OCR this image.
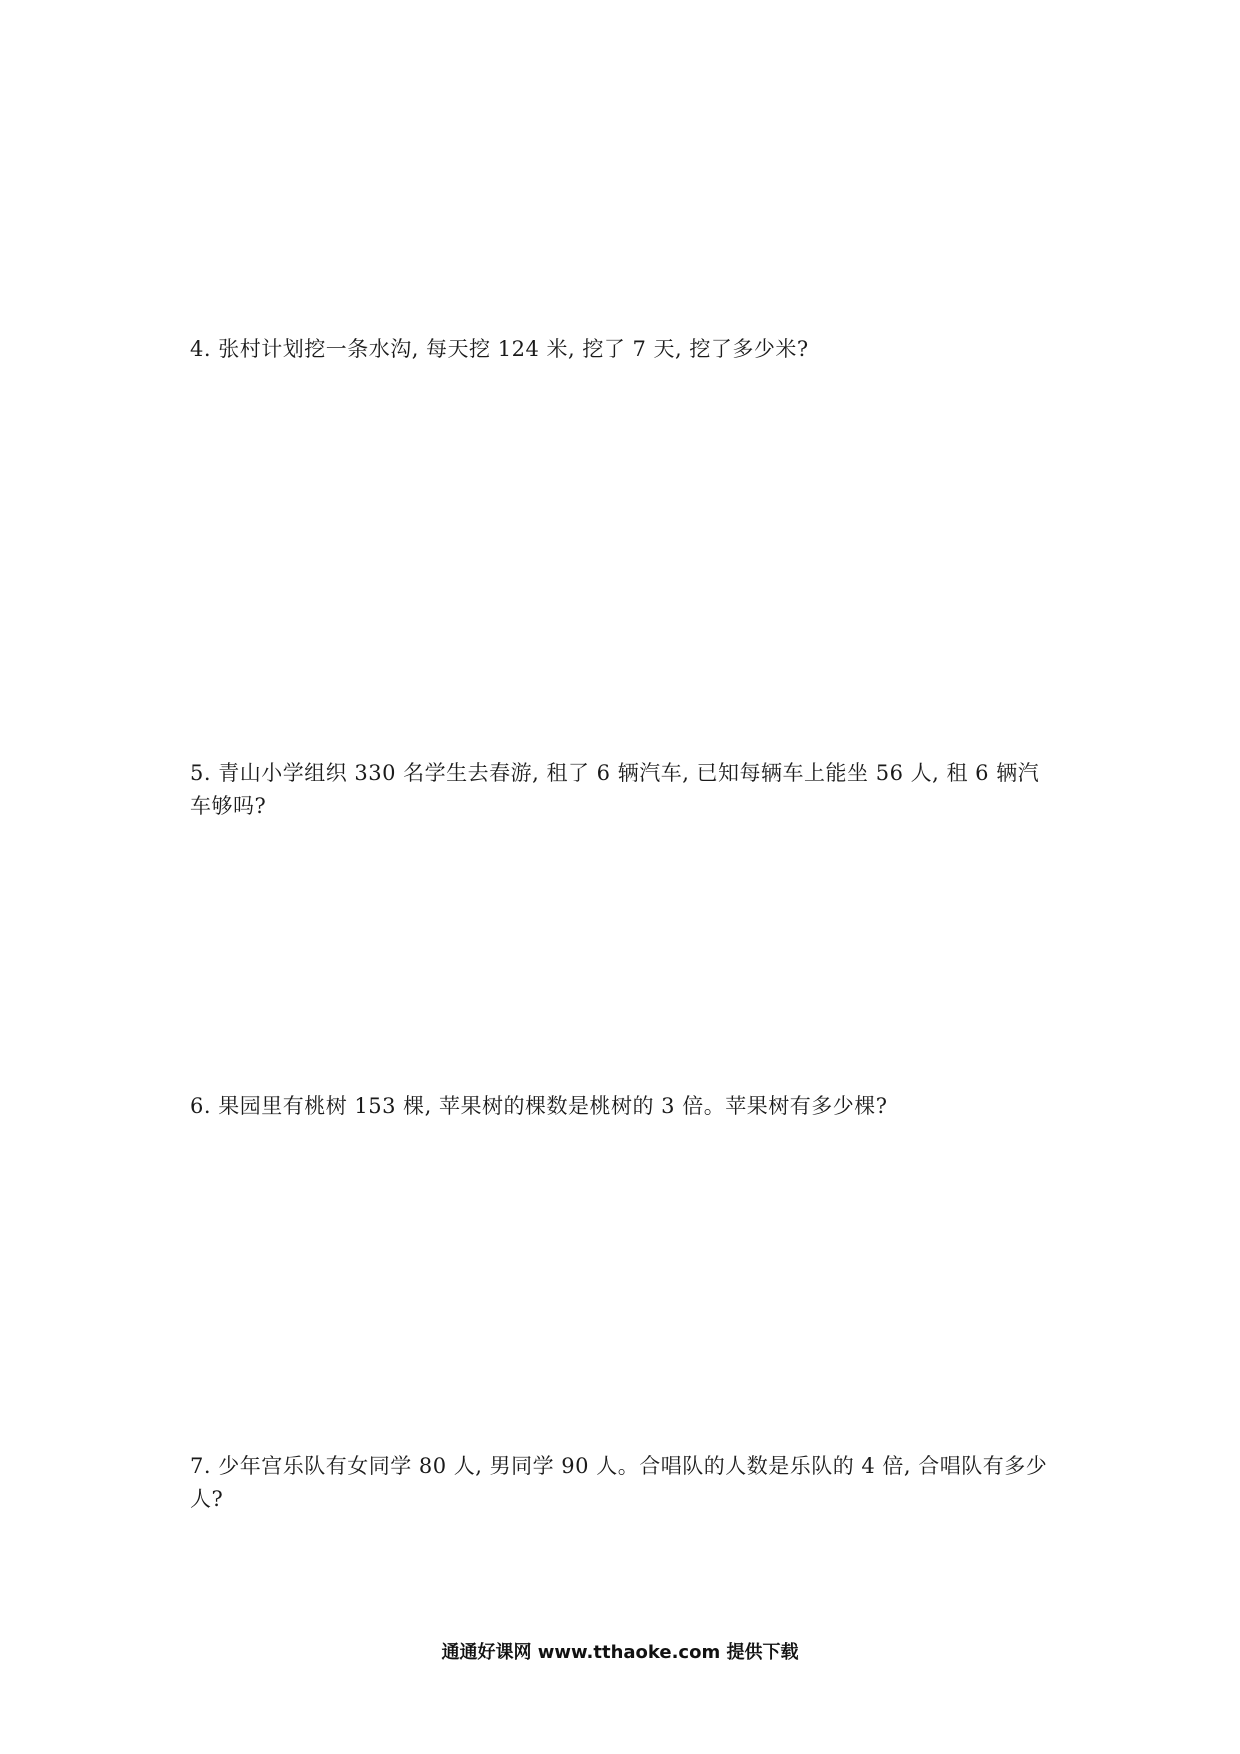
4. 张村计划挖一条水沟, 每天挖 124 米, 挖了 7 天, 挖了多少米?

5. 青山小学组织 330 名学生去春游, 租了 6 辆汽车, 已知每辆车上能坐 56 人, 租 6 辆汽车够吗?

6. 果园里有桃树 153 棵, 苹果树的棵数是桃树的 3 倍。苹果树有多少棵?

7. 少年宫乐队有女同学 80 人, 男同学 90 人。合唱队的人数是乐队的 4 倍, 合唱队有多少人?

通通好课网 www.tthaoke.com 提供下载
